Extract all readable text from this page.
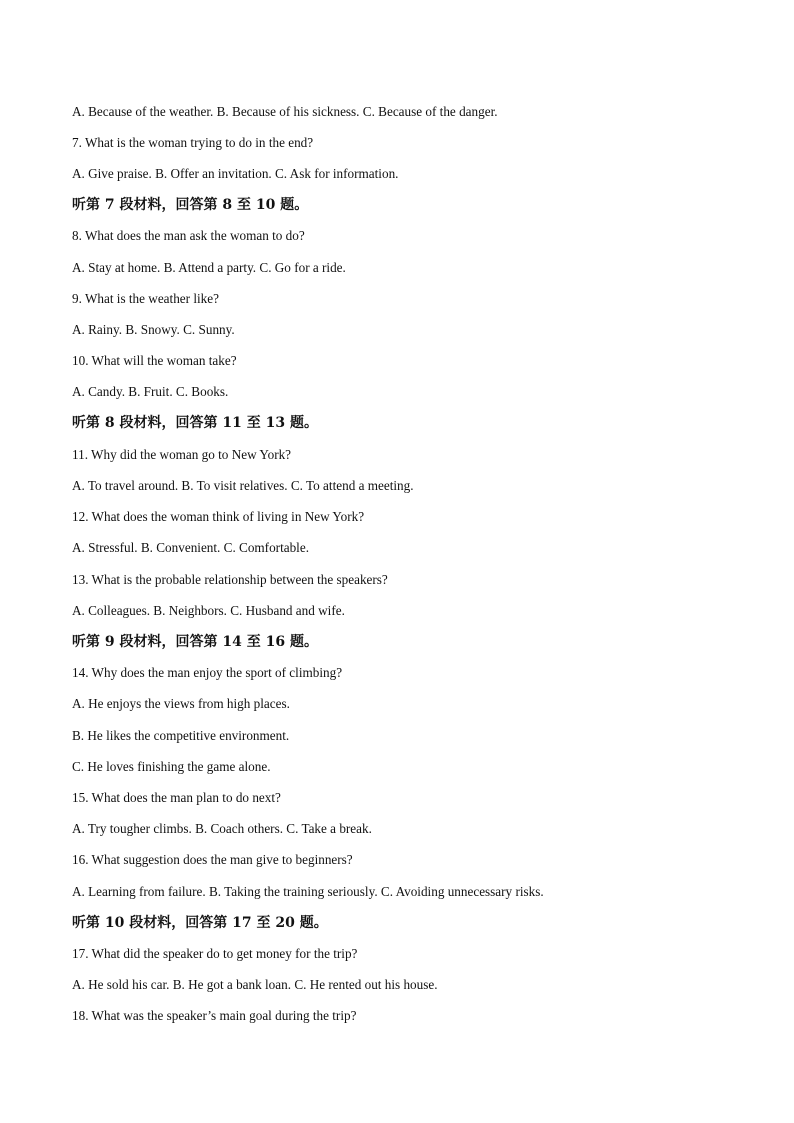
A. Because of the weather. B. Because of his sickness. C. Because of the danger.
7. What is the woman trying to do in the end?
A. Give praise. B. Offer an invitation. C. Ask for information.
听第 7 段材料，回答第 8 至 10 题。
8. What does the man ask the woman to do?
A. Stay at home. B. Attend a party. C. Go for a ride.
9. What is the weather like?
A. Rainy. B. Snowy. C. Sunny.
10. What will the woman take?
A. Candy. B. Fruit. C. Books.
听第 8 段材料，回答第 11 至 13 题。
11. Why did the woman go to New York?
A. To travel around. B. To visit relatives. C. To attend a meeting.
12. What does the woman think of living in New York?
A. Stressful. B. Convenient. C. Comfortable.
13. What is the probable relationship between the speakers?
A. Colleagues. B. Neighbors. C. Husband and wife.
听第 9 段材料，回答第 14 至 16 题。
14. Why does the man enjoy the sport of climbing?
A. He enjoys the views from high places.
B. He likes the competitive environment.
C. He loves finishing the game alone.
15. What does the man plan to do next?
A. Try tougher climbs. B. Coach others. C. Take a break.
16. What suggestion does the man give to beginners?
A. Learning from failure. B. Taking the training seriously. C. Avoiding unnecessary risks.
听第 10 段材料，回答第 17 至 20 题。
17. What did the speaker do to get money for the trip?
A. He sold his car. B. He got a bank loan. C. He rented out his house.
18. What was the speaker’s main goal during the trip?
